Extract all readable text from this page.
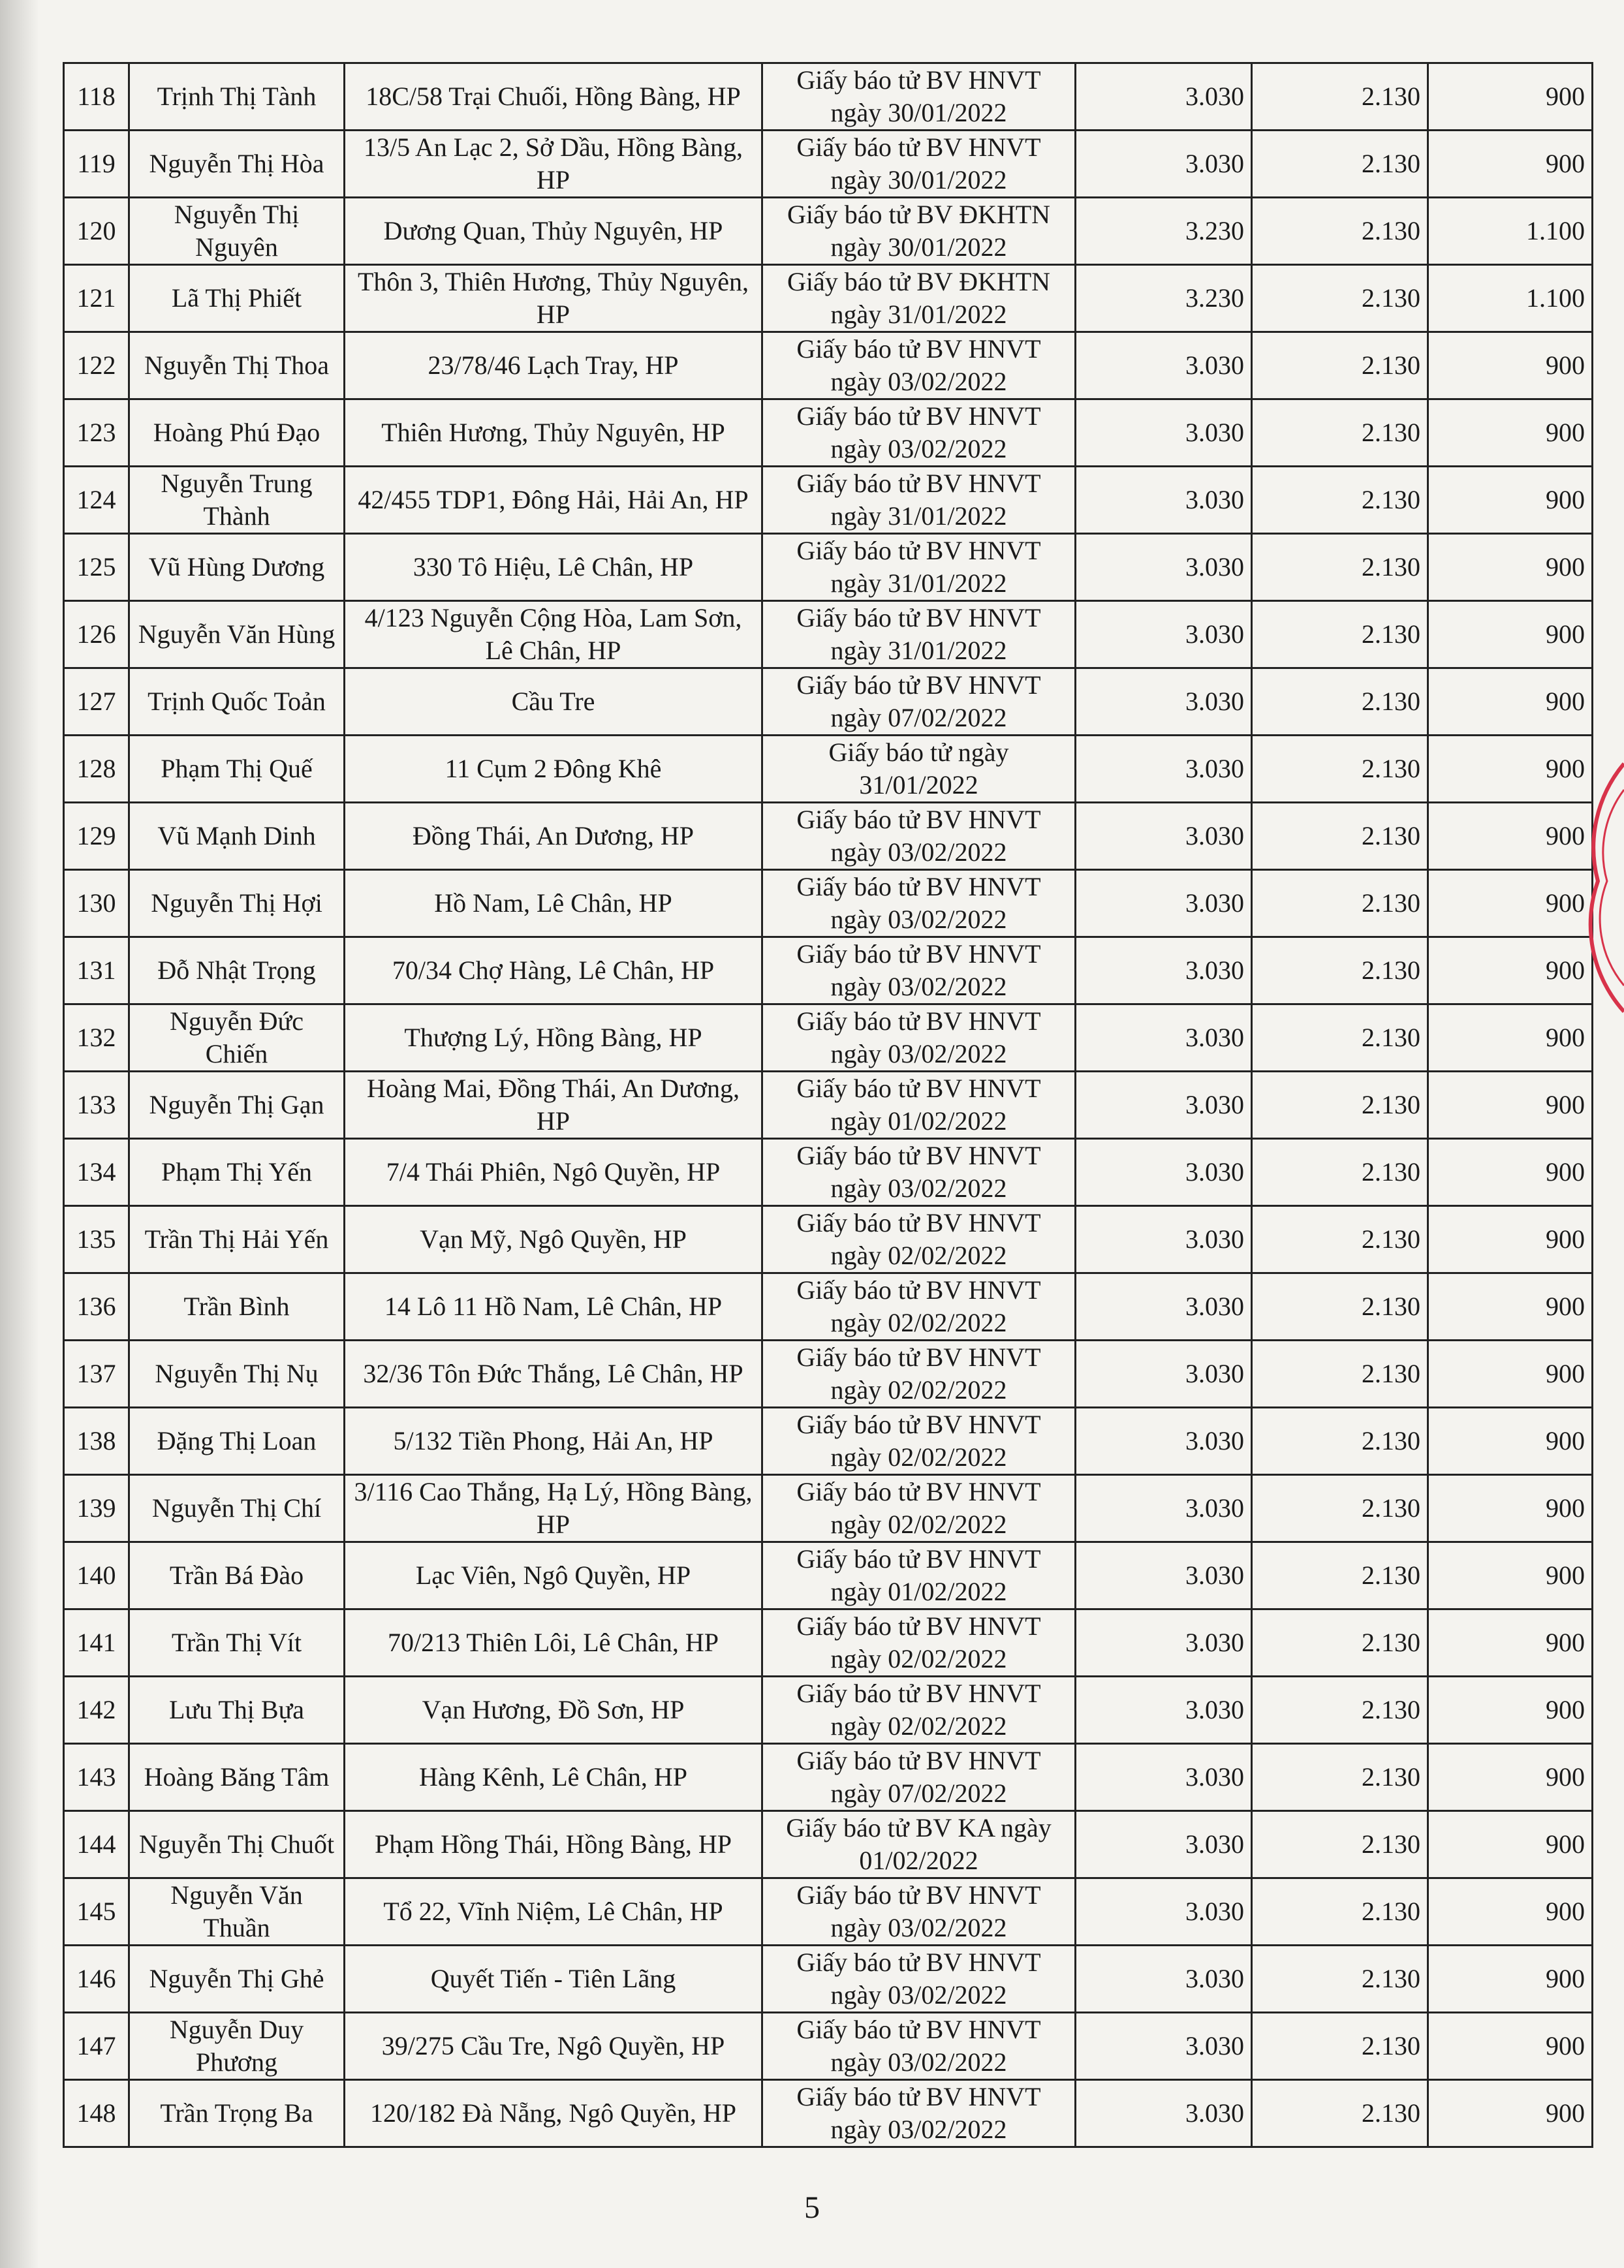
118	Trịnh Thị Tành	18C/58 Trại Chuối, Hồng Bàng, HP	Giấy báo tử BV HNVT ngày 30/01/2022	3.030	2.130	900
119	Nguyễn Thị Hòa	13/5 An Lạc 2, Sở Dầu, Hồng Bàng, HP	Giấy báo tử BV HNVT ngày 30/01/2022	3.030	2.130	900
120	Nguyễn Thị Nguyên	Dương Quan, Thủy Nguyên, HP	Giấy báo tử BV ĐKHTN ngày 30/01/2022	3.230	2.130	1.100
121	Lã Thị Phiết	Thôn 3, Thiên Hương, Thủy Nguyên, HP	Giấy báo tử BV ĐKHTN ngày 31/01/2022	3.230	2.130	1.100
122	Nguyễn Thị Thoa	23/78/46 Lạch Tray, HP	Giấy báo tử BV HNVT ngày 03/02/2022	3.030	2.130	900
123	Hoàng Phú Đạo	Thiên Hương, Thủy Nguyên, HP	Giấy báo tử BV HNVT ngày 03/02/2022	3.030	2.130	900
124	Nguyễn Trung Thành	42/455 TDP1, Đông Hải, Hải An, HP	Giấy báo tử BV HNVT ngày 31/01/2022	3.030	2.130	900
125	Vũ Hùng Dương	330 Tô Hiệu, Lê Chân, HP	Giấy báo tử BV HNVT ngày 31/01/2022	3.030	2.130	900
126	Nguyễn Văn Hùng	4/123 Nguyễn Cộng Hòa, Lam Sơn, Lê Chân, HP	Giấy báo tử BV HNVT ngày 31/01/2022	3.030	2.130	900
127	Trịnh Quốc Toản	Cầu Tre	Giấy báo tử BV HNVT ngày 07/02/2022	3.030	2.130	900
128	Phạm Thị Quế	11 Cụm 2 Đông Khê	Giấy báo tử ngày 31/01/2022	3.030	2.130	900
129	Vũ Mạnh Dinh	Đồng Thái, An Dương, HP	Giấy báo tử BV HNVT ngày 03/02/2022	3.030	2.130	900
130	Nguyễn Thị Hợi	Hồ Nam, Lê Chân, HP	Giấy báo tử BV HNVT ngày 03/02/2022	3.030	2.130	900
131	Đỗ Nhật Trọng	70/34 Chợ Hàng, Lê Chân, HP	Giấy báo tử BV HNVT ngày 03/02/2022	3.030	2.130	900
132	Nguyễn Đức Chiến	Thượng Lý, Hồng Bàng, HP	Giấy báo tử BV HNVT ngày 03/02/2022	3.030	2.130	900
133	Nguyễn Thị Gạn	Hoàng Mai, Đồng Thái, An Dương, HP	Giấy báo tử BV HNVT ngày 01/02/2022	3.030	2.130	900
134	Phạm Thị Yến	7/4 Thái Phiên, Ngô Quyền, HP	Giấy báo tử BV HNVT ngày 03/02/2022	3.030	2.130	900
135	Trần Thị Hải Yến	Vạn Mỹ, Ngô Quyền, HP	Giấy báo tử BV HNVT ngày 02/02/2022	3.030	2.130	900
136	Trần Bình	14 Lô 11 Hồ Nam, Lê Chân, HP	Giấy báo tử BV HNVT ngày 02/02/2022	3.030	2.130	900
137	Nguyễn Thị Nụ	32/36 Tôn Đức Thắng, Lê Chân, HP	Giấy báo tử BV HNVT ngày 02/02/2022	3.030	2.130	900
138	Đặng Thị Loan	5/132 Tiền Phong, Hải An, HP	Giấy báo tử BV HNVT ngày 02/02/2022	3.030	2.130	900
139	Nguyễn Thị Chí	3/116 Cao Thắng, Hạ Lý, Hồng Bàng, HP	Giấy báo tử BV HNVT ngày 02/02/2022	3.030	2.130	900
140	Trần Bá Đào	Lạc Viên, Ngô Quyền, HP	Giấy báo tử BV HNVT ngày 01/02/2022	3.030	2.130	900
141	Trần Thị Vít	70/213 Thiên Lôi, Lê Chân, HP	Giấy báo tử BV HNVT ngày 02/02/2022	3.030	2.130	900
142	Lưu Thị Bựa	Vạn Hương, Đồ Sơn, HP	Giấy báo tử BV HNVT ngày 02/02/2022	3.030	2.130	900
143	Hoàng Băng Tâm	Hàng Kênh, Lê Chân, HP	Giấy báo tử BV HNVT ngày 07/02/2022	3.030	2.130	900
144	Nguyễn Thị Chuốt	Phạm Hồng Thái, Hồng Bàng, HP	Giấy báo tử BV KA ngày 01/02/2022	3.030	2.130	900
145	Nguyễn Văn Thuần	Tổ 22, Vĩnh Niệm, Lê Chân, HP	Giấy báo tử BV HNVT ngày 03/02/2022	3.030	2.130	900
146	Nguyễn Thị Ghẻ	Quyết Tiến - Tiên Lãng	Giấy báo tử BV HNVT ngày 03/02/2022	3.030	2.130	900
147	Nguyễn Duy Phương	39/275 Cầu Tre, Ngô Quyền, HP	Giấy báo tử BV HNVT ngày 03/02/2022	3.030	2.130	900
148	Trần Trọng Ba	120/182 Đà Nẵng, Ngô Quyền, HP	Giấy báo tử BV HNVT ngày 03/02/2022	3.030	2.130	900
5
